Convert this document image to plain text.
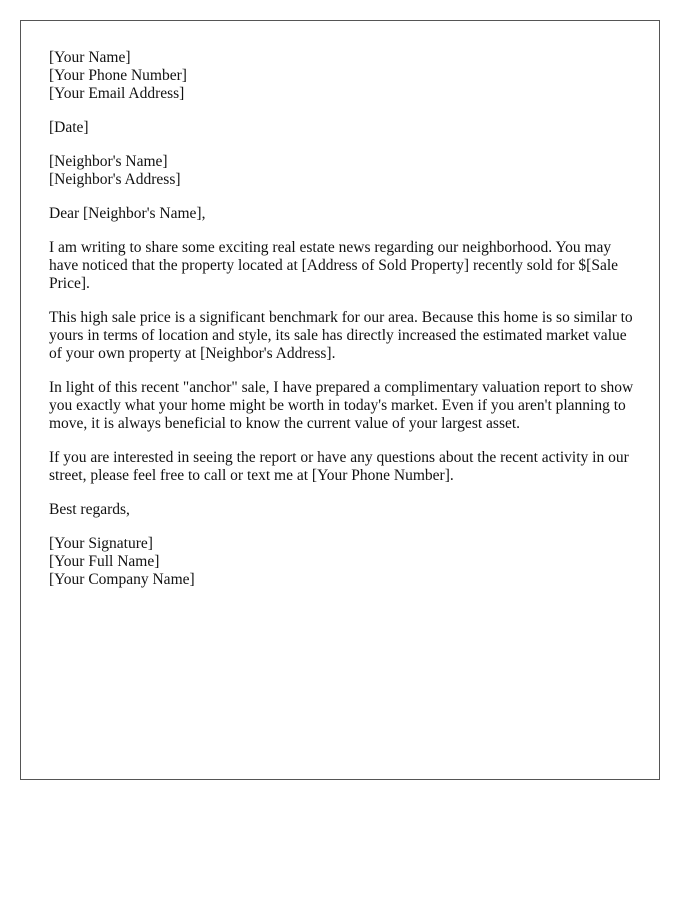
[Your Name]
[Your Phone Number]
[Your Email Address]
[Date]
[Neighbor's Name]
[Neighbor's Address]

Dear [Neighbor's Name],

I am writing to share some exciting real estate news regarding our neighborhood. You may have noticed that the property located at [Address of Sold Property] recently sold for $[Sale Price].

This high sale price is a significant benchmark for our area. Because this home is so similar to yours in terms of location and style, its sale has directly increased the estimated market value of your own property at [Neighbor's Address].

In light of this recent "anchor" sale, I have prepared a complimentary valuation report to show you exactly what your home might be worth in today's market. Even if you aren't planning to move, it is always beneficial to know the current value of your largest asset.

If you are interested in seeing the report or have any questions about the recent activity in our street, please feel free to call or text me at [Your Phone Number].

Best regards,

[Your Signature]
[Your Full Name]
[Your Company Name]
